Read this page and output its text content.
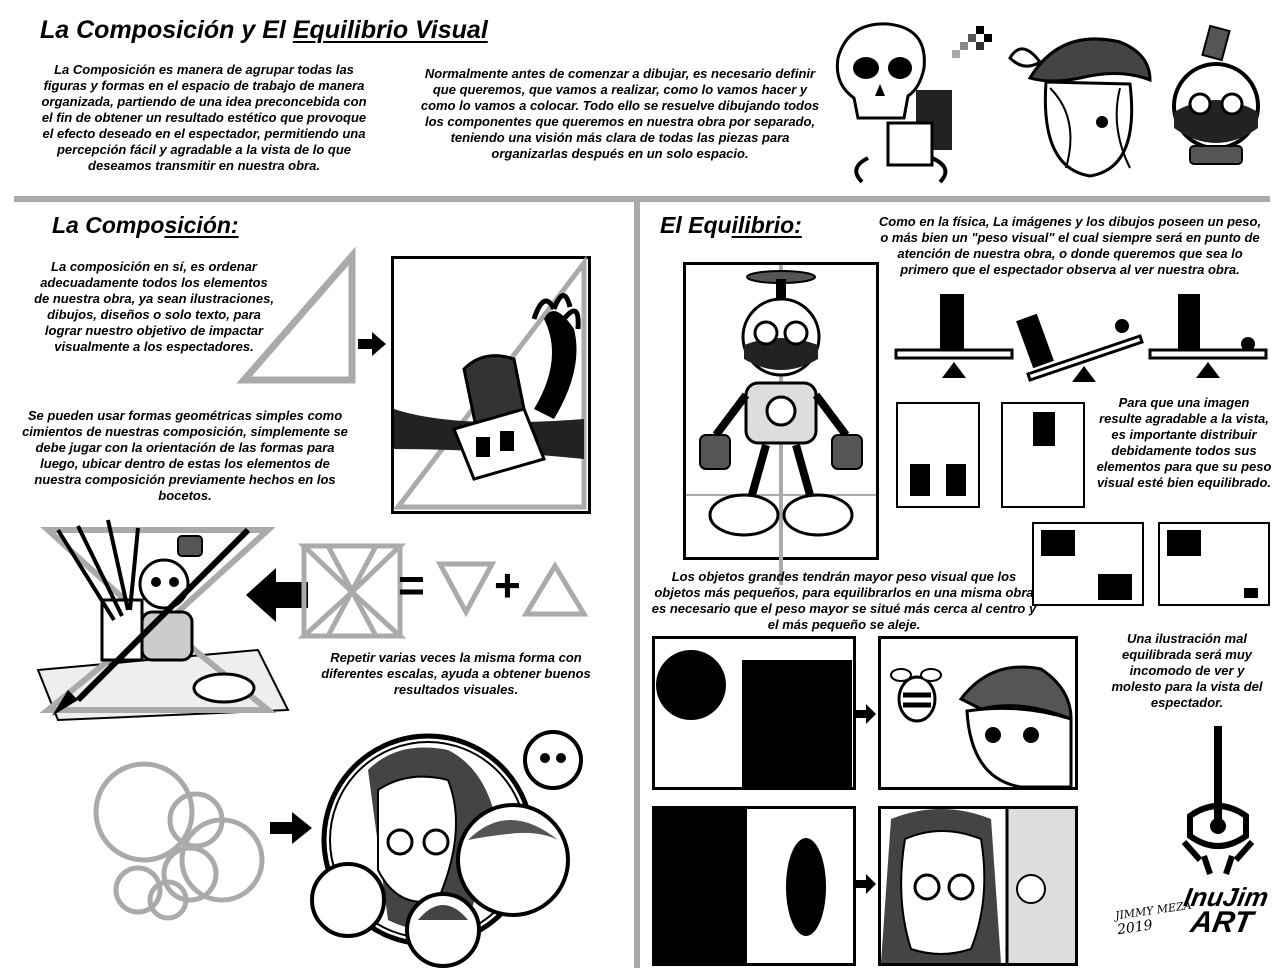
La Composición y El Equilibrio Visual
La Composición es manera de agrupar todas las figuras y formas en el espacio de trabajo de manera organizada, partiendo de una idea preconcebida con el fin de obtener un resultado estético que provoque el efecto deseado en el espectador, permitiendo una percepción fácil y agradable a la vista de lo que deseamos transmitir en nuestra obra.
Normalmente antes de comenzar a dibujar, es necesario definir que queremos, que vamos a realizar, como lo vamos hacer y como lo vamos a colocar. Todo ello se resuelve dibujando todos los componentes que queremos en nuestra obra por separado, teniendo una visión más clara de todas las piezas para organizarlas después en un solo espacio.
La Composición:
La composición en sí, es ordenar adecuadamente todos los elementos de nuestra obra, ya sean ilustraciones, dibujos, diseños o solo texto, para lograr nuestro objetivo de impactar visualmente a los espectadores.
Se pueden usar formas geométricas simples como cimientos de nuestras composición, simplemente se debe jugar con la orientación de las formas para luego, ubicar dentro de estas los elementos de nuestra composición previamente hechos en los bocetos.
= +
Repetir varias veces la misma forma con diferentes escalas, ayuda a obtener buenos resultados visuales.
El Equilibrio:	Como en la física, La imágenes y los dibujos poseen un peso, o más bien un "peso visual" el cual siempre será en punto de atención de nuestra obra, o donde queremos que sea lo primero que el espectador observa al ver nuestra obra.
Para que una imagen resulte agradable a la vista, es importante distribuir debidamente todos sus elementos para que su peso visual esté bien equilibrado.
Los objetos grandes tendrán mayor peso visual que los objetos más pequeños, para equilibrarlos en una misma obra es necesario que el peso mayor se situé más cerca al centro y el más pequeño se aleje.
Una ilustración mal equilibrada será muy incomodo de ver y molesto para la vista del espectador.
JIMMY MEZA
2019
InuJim
ART
